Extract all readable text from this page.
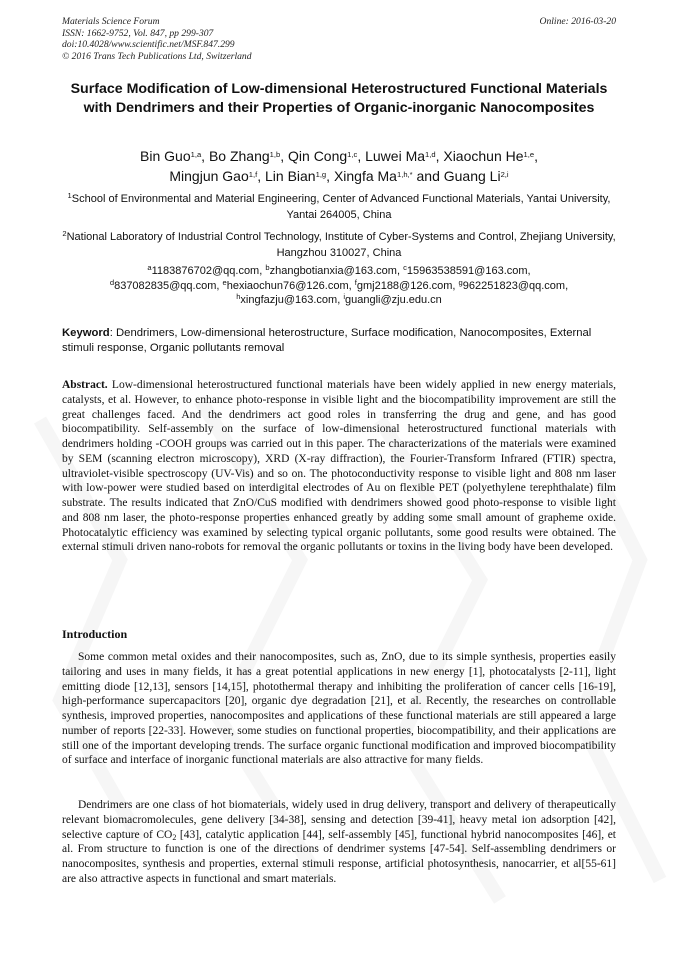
Materials Science Forum
ISSN: 1662-9752, Vol. 847, pp 299-307
doi:10.4028/www.scientific.net/MSF.847.299
© 2016 Trans Tech Publications Ltd, Switzerland
Online: 2016-03-20
Surface Modification of Low-dimensional Heterostructured Functional Materials with Dendrimers and their Properties of Organic-inorganic Nanocomposites
Bin Guo$^{1,a}$, Bo Zhang$^{1,b}$, Qin Cong$^{1,c}$, Luwei Ma$^{1,d}$, Xiaochun He$^{1,e}$,
Mingjun Gao$^{1,f}$, Lin Bian$^{1,g}$, Xingfa $Ma^{1,h,*}$ and Guang Li$^{2,i}$
$^1$School of Environmental and Material Engineering, Center of Advanced Functional Materials, Yantai University, Yantai 264005, China
$^2$National Laboratory of Industrial Control Technology, Institute of Cyber-Systems and Control, Zhejiang University, Hangzhou 310027, China
$^a$1183876702@qq.com, $^b$zhangbotianxia@163.com, $^c$15963538591@163.com,
$^d$837082835@qq.com, $^e$hexiaochun76@126.com, $^f$gmj2188@126.com, $^g$962251823@qq.com,
$^h$xingfazju@163.com, $^i$guangli@zju.edu.cn
Keyword: Dendrimers, Low-dimensional heterostructure, Surface modification, Nanocomposites, External stimuli response, Organic pollutants removal

Abstract. Low-dimensional heterostructured functional materials have been widely applied in new energy materials, catalysts, et al. However, to enhance photo-response in visible light and the biocompatibility improvement are still the great challenges faced. And the dendrimers act good roles in transferring the drug and gene, and has good biocompatibility. Self-assembly on the surface of low-dimensional heterostructured functional materials with dendrimers holding -COOH groups was carried out in this paper. The characterizations of the materials were examined by SEM (scanning electron microscopy), XRD (X-ray diffraction), the Fourier-Transform Infrared (FTIR) spectra, ultraviolet-visible spectroscopy (UV-Vis) and so on. The photoconductivity response to visible light and 808 nm laser with low-power were studied based on interdigital electrodes of Au on flexible PET (polyethylene terephthalate) film substrate. The results indicated that ZnO/CuS modified with dendrimers showed good photo-response to visible light and 808 nm laser, the photo-response properties enhanced greatly by adding some small amount of grapheme oxide. Photocatalytic efficiency was examined by selecting typical organic pollutants, some good results were obtained. The external stimuli driven nano-robots for removal the organic pollutants or toxins in the living body have been developed.

Introduction

Some common metal oxides and their nanocomposites, such as, ZnO, due to its simple synthesis, properties easily tailoring and uses in many fields, it has a great potential applications in new energy [1], photocatalysts [2-11], light emitting diode [12,13], sensors [14,15], photothermal therapy and inhibiting the proliferation of cancer cells [16-19], high-performance supercapacitors [20], organic dye degradation [21], et al. Recently, the researches on controllable synthesis, improved properties, nanocomposites and applications of these functional materials are still appeared a large number of reports [22-33]. However, some studies on functional properties, biocompatibility, and their applications are still one of the important developing trends. The surface organic functional modification and improved biocompatibility of surface and interface of inorganic functional materials are also attractive for many fields.

Dendrimers are one class of hot biomaterials, widely used in drug delivery, transport and delivery of therapeutically relevant biomacromolecules, gene delivery [34-38], sensing and detection [39-41], heavy metal ion adsorption [42], selective capture of $CO_2$ [43], catalytic application [44], self-assembly [45], functional hybrid nanocomposites [46], et al. From structure to function is one of the directions of dendrimer systems [47-54]. Self-assembling dendrimers or nanocomposites, synthesis and properties, external stimuli response, artificial photosynthesis, nanocarrier, et al[55-61] are also attractive aspects in functional and smart materials.
